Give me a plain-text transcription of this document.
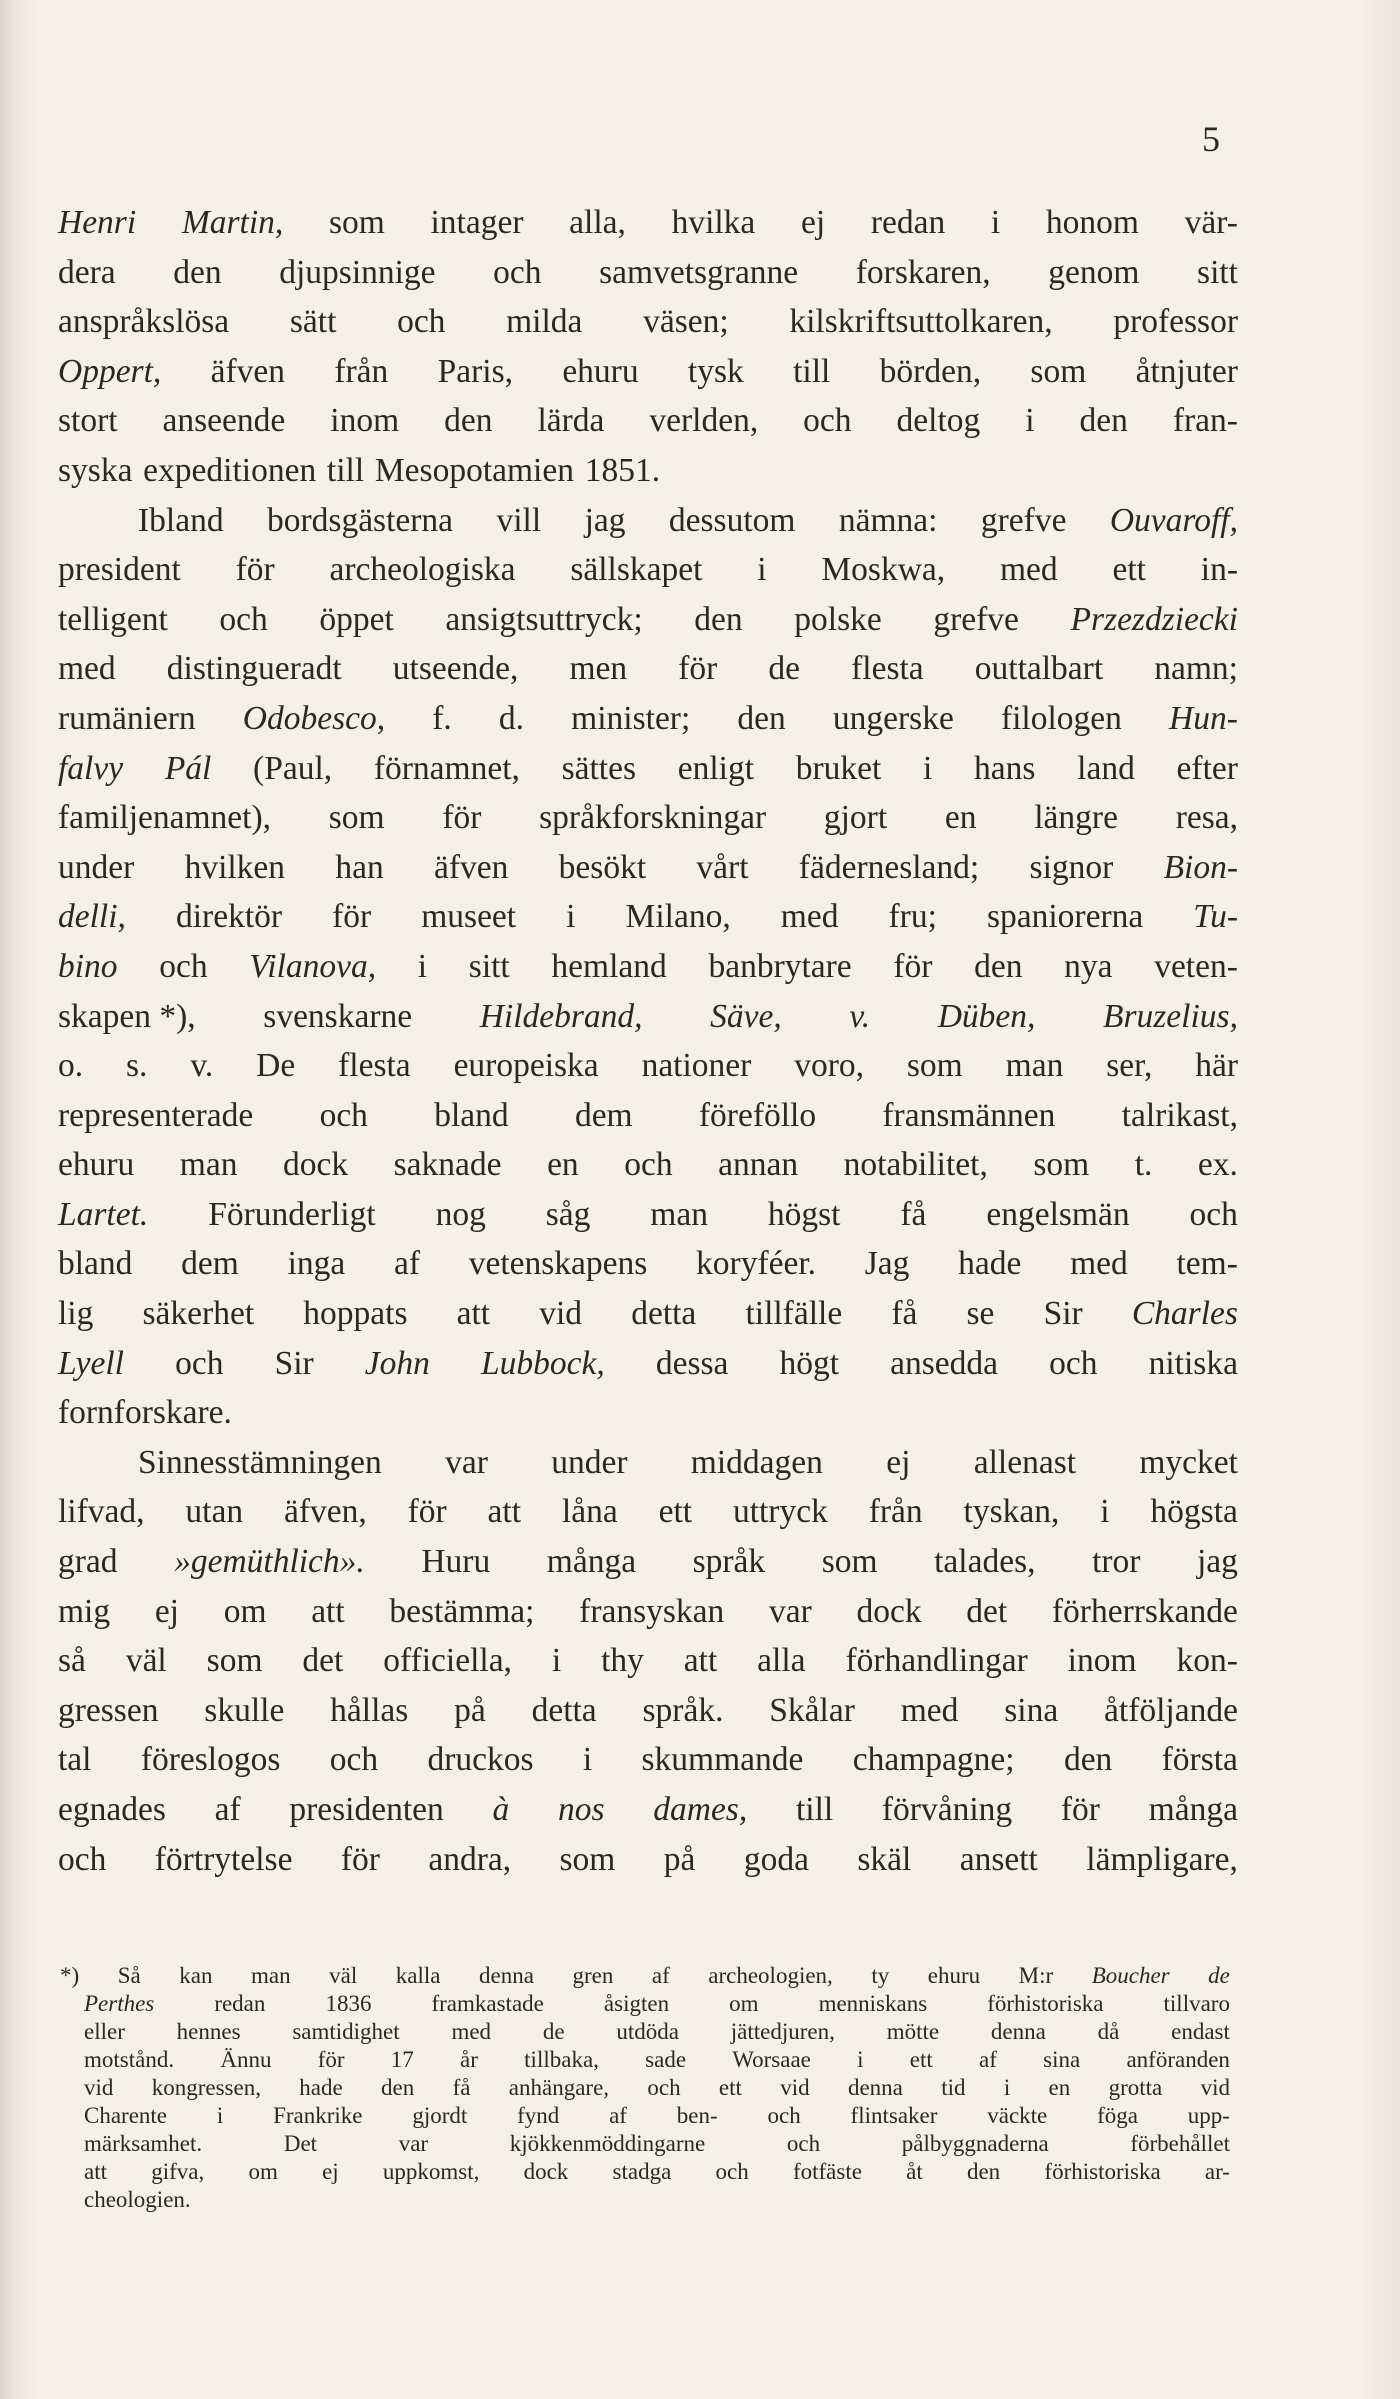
5
Henri Martin, som intager alla, hvilka ej redan i honom vär-
dera den djupsinnige och samvetsgranne forskaren, genom sitt
anspråkslösa sätt och milda väsen; kilskriftsuttolkaren, professor
Oppert, äfven från Paris, ehuru tysk till börden, som åtnjuter
stort anseende inom den lärda verlden, och deltog i den fran-
syska expeditionen till Mesopotamien 1851.
Ibland bordsgästerna vill jag dessutom nämna: grefve Ouvaroff,
president för archeologiska sällskapet i Moskwa, med ett in-
telligent och öppet ansigtsuttryck; den polske grefve Przezdziecki
med distingueradt utseende, men för de flesta outtalbart namn;
rumäniern Odobesco, f. d. minister; den ungerske filologen Hun-
falvy Pál (Paul, förnamnet, sättes enligt bruket i hans land efter
familjenamnet), som för språkforskningar gjort en längre resa,
under hvilken han äfven besökt vårt fäderneslаnd; signor Bion-
delli, direktör för museet i Milano, med fru; spaniorerna Tu-
bino och Vilanova, i sitt hemland banbrytare för den nya veten-
skapen *), svenskarne Hildebrand, Säve, v. Düben, Bruzelius,
o. s. v. De flesta europeiska nationer voro, som man ser, här
representerade och bland dem föreföllo fransmännen talrikast,
ehuru man dock saknade en och annan notabilitet, som t. ex.
Lartet. Förunderligt nog såg man högst få engelsmän och
bland dem inga af vetenskapens koryféer. Jag hade med tem-
lig säkerhet hoppats att vid detta tillfälle få se Sir Charles
Lyell och Sir John Lubbock, dessa högt ansedda och nitiska
fornforskare.
Sinnesstämningen var under middagen ej allenast mycket
lifvad, utan äfven, för att låna ett uttryck från tyskan, i högsta
grad »gemüthlich». Huru många språk som talades, tror jag
mig ej om att bestämma; fransyskan var dock det förherrskande
så väl som det officiella, i thy att alla förhandlingar inom kon-
gressen skulle hållas på detta språk. Skålar med sina åtföljande
tal föreslogos och druckos i skummande champagne; den första
egnades af presidenten à nos dames, till förvåning för många
och förtrytelse för andra, som på goda skäl ansett lämpligare,
*) Så kan man väl kalla denna gren af archeologien, ty ehuru M:r Boucher de
Perthes	redan	1836	framkastade	åsigten	om	menniskans	förhistoriska	tillvaro
eller hennes samtidighet med de utdöda jättedjuren, mötte denna då endast
motstånd. Ännu för 17 år tillbaka, sade Worsaae i ett af sina anföranden
vid kongressen, hade den få anhängare, och ett vid denna tid i en grotta vid
Charente i Frankrike gjordt fynd af ben- och flintsaker väckte föga upp-
märksamhet.	Det	var	kjökkenmöddingarne	och	pålbyggnaderna	förbehållet
att gifva, om ej uppkomst, dock stadga och fotfäste åt den förhistoriska ar-
cheologien.
